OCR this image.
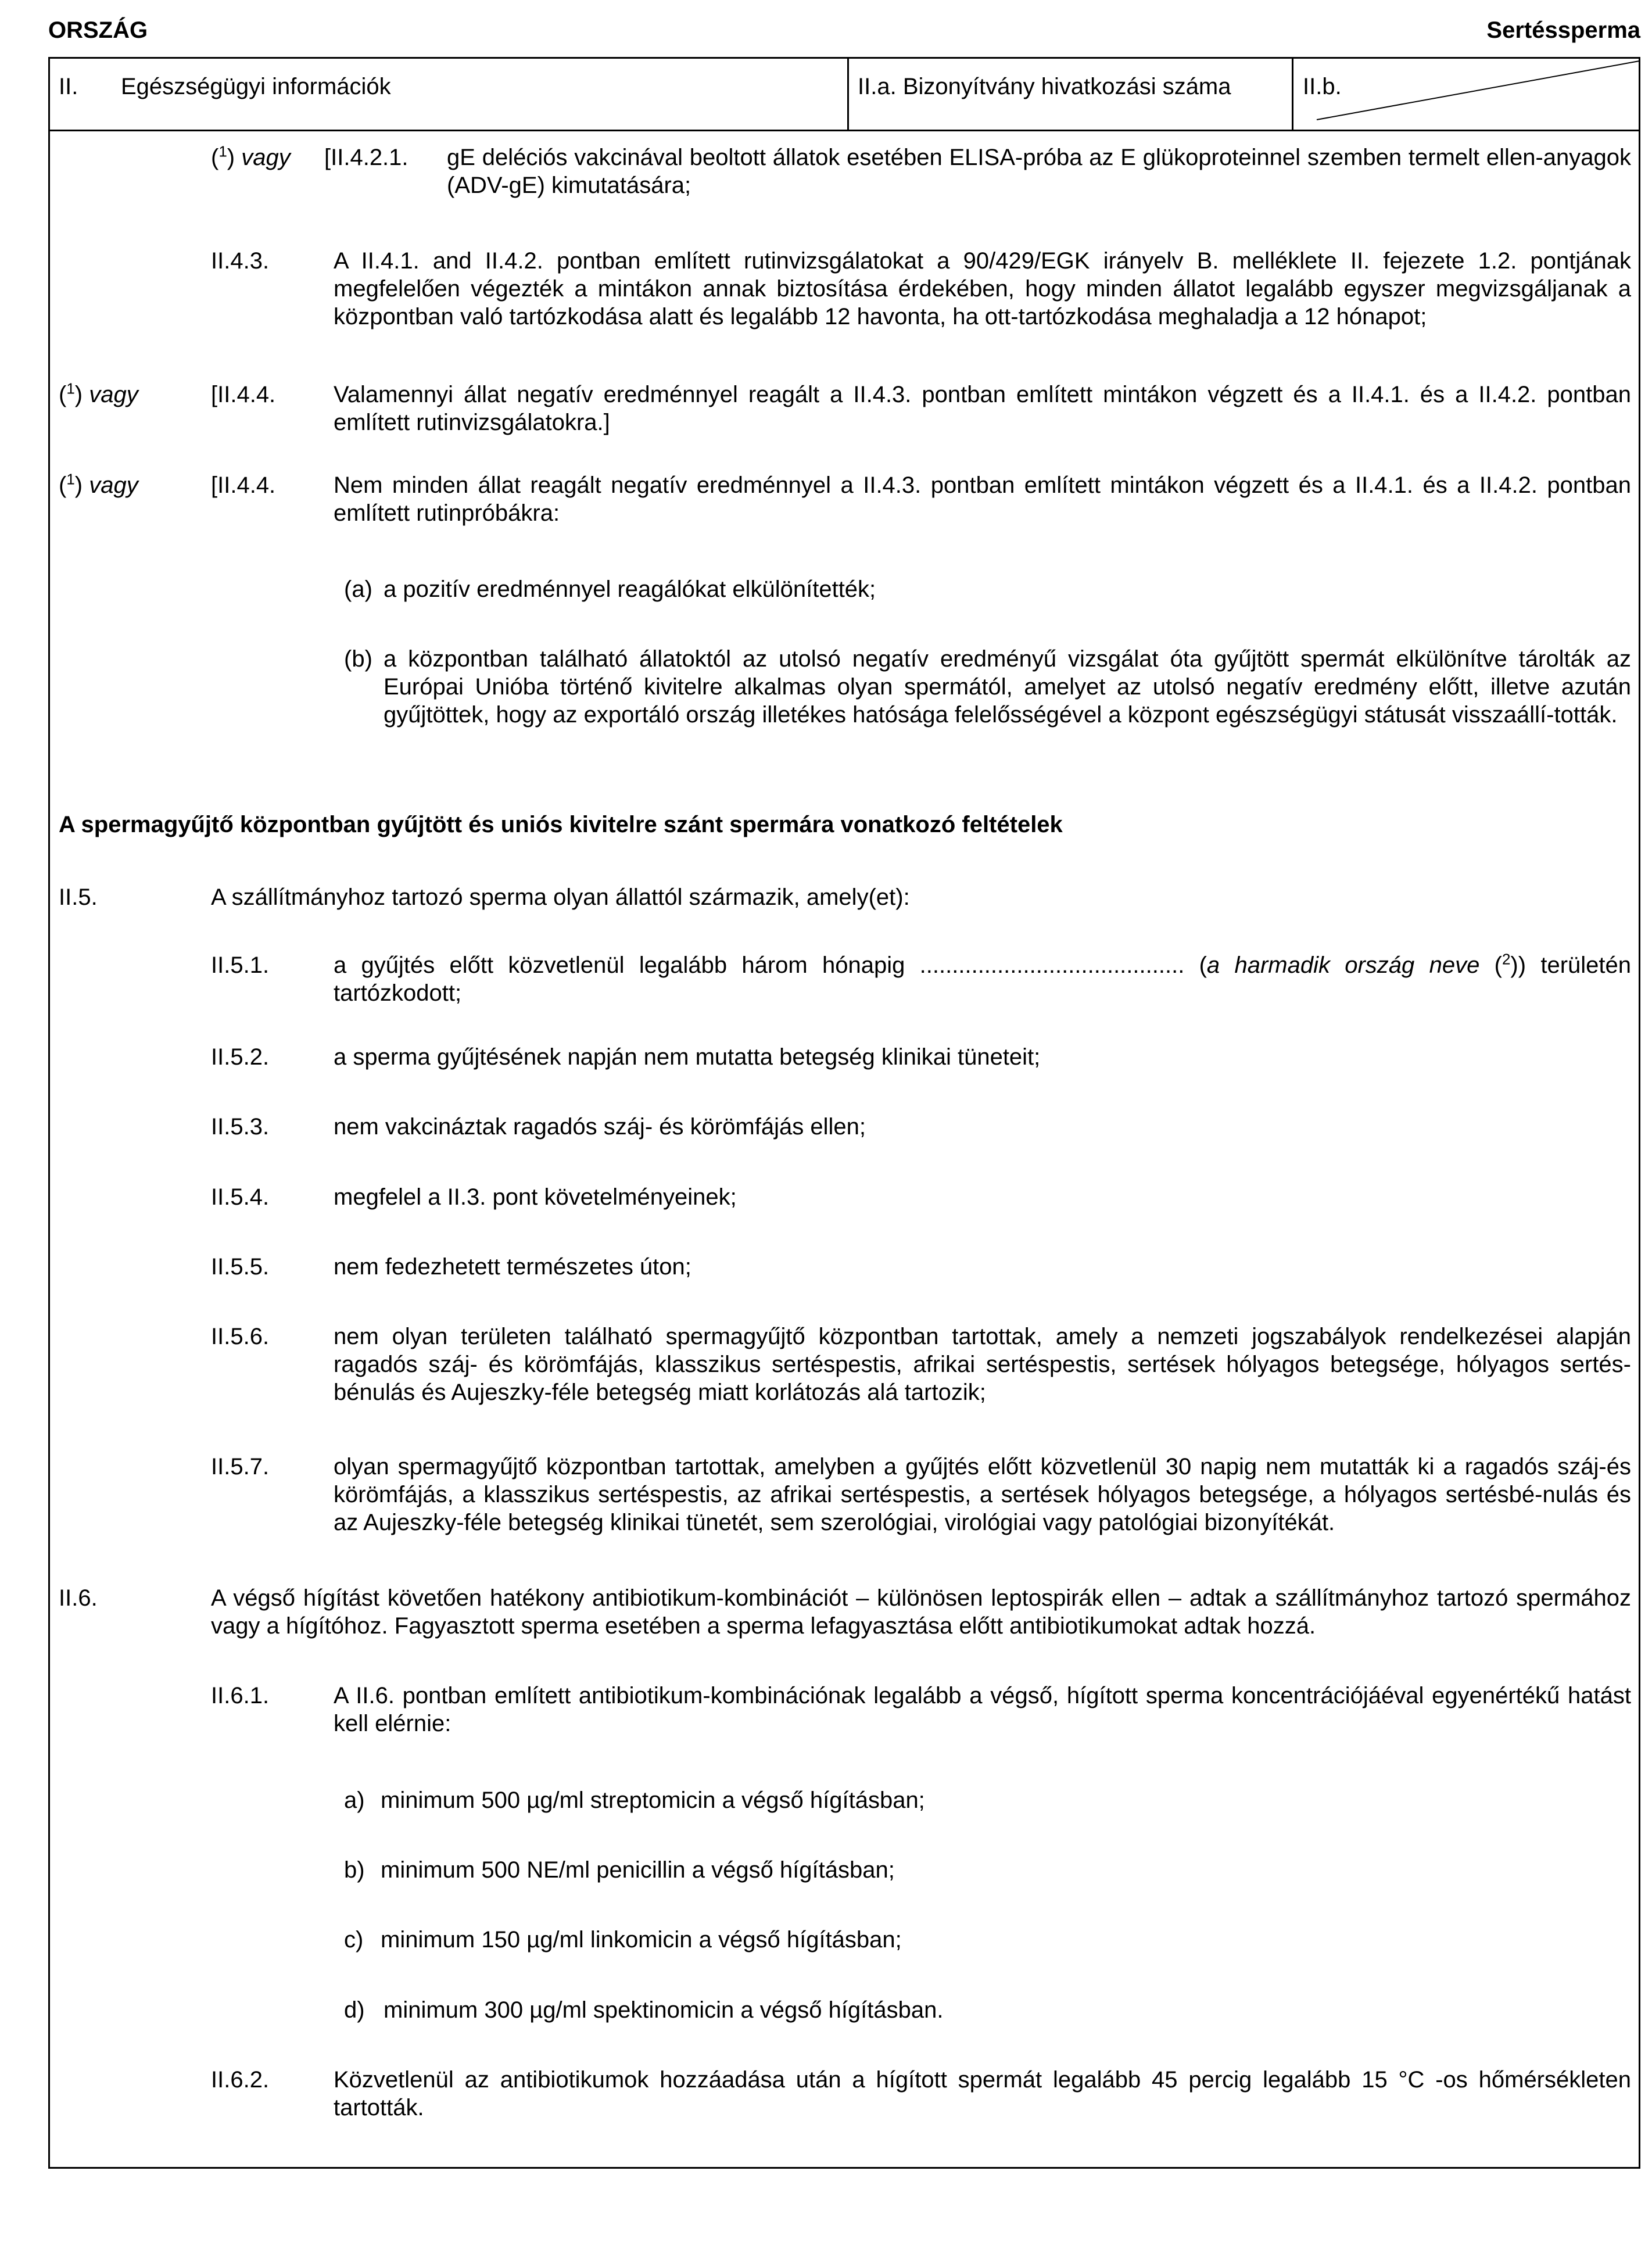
ORSZÁG	Sertéssperma
II. Egészségügyi információk	II.a. Bizonyítvány hivatkozási száma	II.b.
($^1$) vagy [II.4.2.1. gE deléciós vakcinával beoltott állatok esetében ELISA-próba az E glükoproteinnel szemben termelt ellen-anyagok (ADV-gE) kimutatására;
II.4.3.	A II.4.1. and II.4.2. pontban említett rutinvizsgálatokat a 90/429/EGK irányelv B. melléklete II. fejezete 1.2. pontjának megfelelően végezték a mintákon annak biztosítása érdekében, hogy minden állatot legalább egyszer megvizsgáljanak a központban való tartózkodása alatt és legalább 12 havonta, ha ott-tartózkodása meghaladja a 12 hónapot;
($^1$) vagy	[II.4.4. Valamennyi állat negatív eredménnyel reagált a II.4.3. pontban említett mintákon végzett és a II.4.1. és a II.4.2. pontban említett rutinvizsgálatokra.]
($^1$) vagy	[II.4.4. Nem minden állat reagált negatív eredménnyel a II.4.3. pontban említett mintákon végzett és a II.4.1. és a II.4.2. pontban említett rutinpróbákra:
(a) a pozitív eredménnyel reagálókat elkülönítették;
(b) a központban található állatoktól az utolsó negatív eredményű vizsgálat óta gyűjtött spermát elkülönítve tárolták az Európai Unióba történő kivitelre alkalmas olyan spermától, amelyet az utolsó negatív eredmény előtt, illetve azután gyűjtöttek, hogy az exportáló ország illetékes hatósága felelősségével a központ egészségügyi státusát visszaállí-tották.
A spermagyűjtő központban gyűjtött és uniós kivitelre szánt spermára vonatkozó feltételek
II.5.	A szállítmányhoz tartozó sperma olyan állattól származik, amely(et):
II.5.1.	a gyűjtés előtt közvetlenül legalább három hónapig ......................................... (a harmadik ország neve ($^2$)) területén tartózkodott;
II.5.2.	a sperma gyűjtésének napján nem mutatta betegség klinikai tüneteit;
II.5.3.	nem vakcináztak ragadós száj- és körömfájás ellen;
II.5.4.	megfelel a II.3. pont követelményeinek;
II.5.5.	nem fedezhetett természetes úton;
II.5.6.	nem olyan területen található spermagyűjtő központban tartottak, amely a nemzeti jogszabályok rendelkezései alapján ragadós száj- és körömfájás, klasszikus sertéspestis, afrikai sertéspestis, sertések hólyagos betegsége, hólyagos sertés-bénulás és Aujeszky-féle betegség miatt korlátozás alá tartozik;
II.5.7.	olyan spermagyűjtő központban tartottak, amelyben a gyűjtés előtt közvetlenül 30 napig nem mutatták ki a ragadós száj-és körömfájás, a klasszikus sertéspestis, az afrikai sertéspestis, a sertések hólyagos betegsége, a hólyagos sertésbé-nulás és az Aujeszky-féle betegség klinikai tünetét, sem szerológiai, virológiai vagy patológiai bizonyítékát.
II.6.	A végső hígítást követően hatékony antibiotikum-kombinációt – különösen leptospirák ellen – adtak a szállítmányhoz tartozó spermához vagy a hígítóhoz. Fagyasztott sperma esetében a sperma lefagyasztása előtt antibiotikumokat adtak hozzá.
II.6.1.	A II.6. pontban említett antibiotikum-kombinációnak legalább a végső, hígított sperma koncentrációjáéval egyenértékű hatást kell elérnie:
a) minimum 500 µg/ml streptomicin a végső hígításban;
b) minimum 500 NE/ml penicillin a végső hígításban;
c) minimum 150 µg/ml linkomicin a végső hígításban;
d) minimum 300 µg/ml spektinomicin a végső hígításban.
II.6.2.	Közvetlenül az antibiotikumok hozzáadása után a hígított spermát legalább 45 percig legalább 15 °C -os hőmérsékleten tartották.
